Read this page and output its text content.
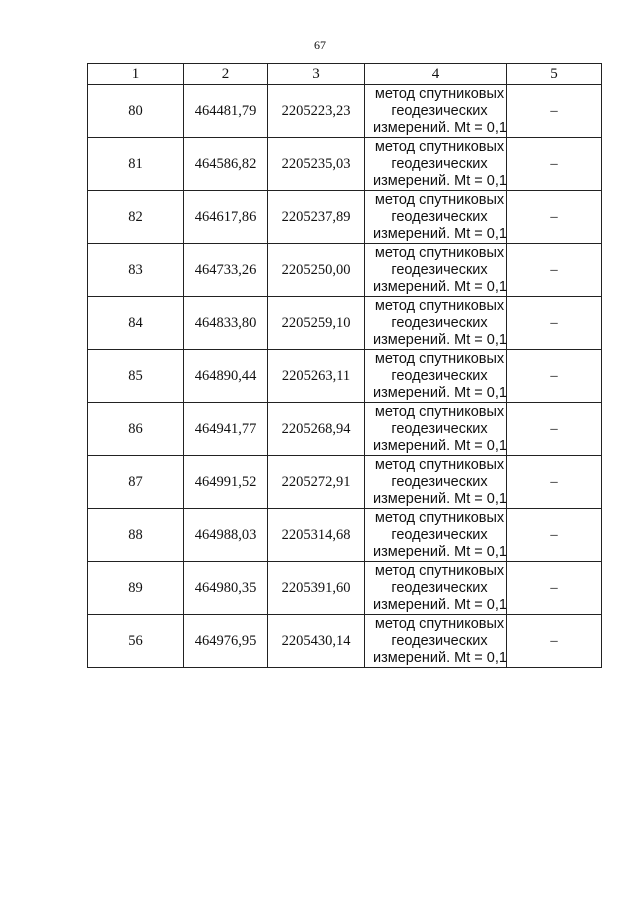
67
1	2	3	4	5
80	464481,79	2205223,23	метод спутниковых
геодезических
измерений. Mt = 0,1	–
81	464586,82	2205235,03	метод спутниковых
геодезических
измерений. Mt = 0,1	–
82	464617,86	2205237,89	метод спутниковых
геодезических
измерений. Mt = 0,1	–
83	464733,26	2205250,00	метод спутниковых
геодезических
измерений. Mt = 0,1	–
84	464833,80	2205259,10	метод спутниковых
геодезических
измерений. Mt = 0,1	–
85	464890,44	2205263,11	метод спутниковых
геодезических
измерений. Mt = 0,1	–
86	464941,77	2205268,94	метод спутниковых
геодезических
измерений. Mt = 0,1	–
87	464991,52	2205272,91	метод спутниковых
геодезических
измерений. Mt = 0,1	–
88	464988,03	2205314,68	метод спутниковых
геодезических
измерений. Mt = 0,1	–
89	464980,35	2205391,60	метод спутниковых
геодезических
измерений. Mt = 0,1	–
56	464976,95	2205430,14	метод спутниковых
геодезических
измерений. Mt = 0,1	–
